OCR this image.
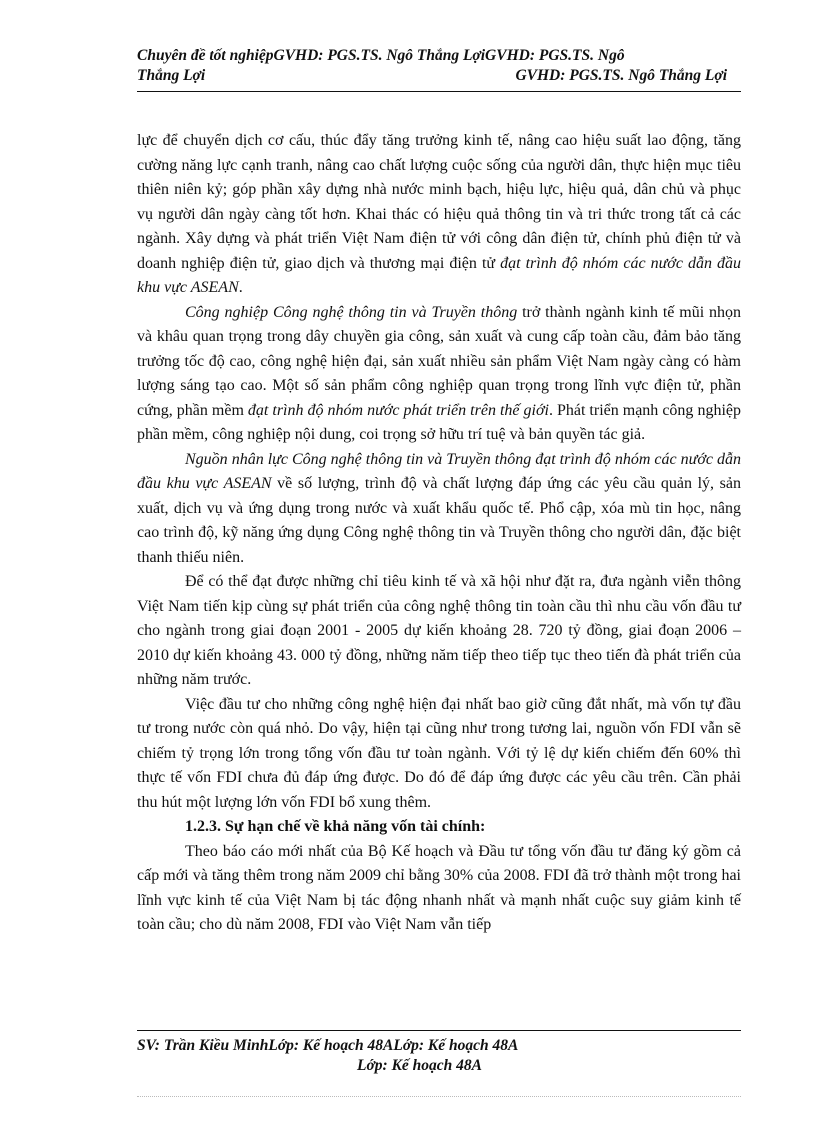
Chuyên đề tốt nghiệpGVHD: PGS.TS. Ngô Thắng LợiGVHD: PGS.TS. Ngô
Thắng Lợi	GVHD: PGS.TS. Ngô Thắng Lợi

lực để chuyển dịch cơ cấu, thúc đẩy tăng trưởng kinh tế, nâng cao hiệu suất lao động, tăng cường năng lực cạnh tranh, nâng cao chất lượng cuộc sống của người dân, thực hiện mục tiêu thiên niên kỷ; góp phần xây dựng nhà nước minh bạch, hiệu lực, hiệu quả, dân chủ và phục vụ người dân ngày càng tốt hơn. Khai thác có hiệu quả thông tin và tri thức trong tất cả các ngành. Xây dựng và phát triển Việt Nam điện tử với công dân điện tử, chính phủ điện tử và doanh nghiệp điện tử, giao dịch và thương mại điện tử đạt trình độ nhóm các nước dẫn đầu khu vực ASEAN.

Công nghiệp Công nghệ thông tin và Truyền thông trở thành ngành kinh tế mũi nhọn và khâu quan trọng trong dây chuyền gia công, sản xuất và cung cấp toàn cầu, đảm bảo tăng trưởng tốc độ cao, công nghệ hiện đại, sản xuất nhiều sản phẩm Việt Nam ngày càng có hàm lượng sáng tạo cao. Một số sản phẩm công nghiệp quan trọng trong lĩnh vực điện tử, phần cứng, phần mềm đạt trình độ nhóm nước phát triển trên thế giới. Phát triển mạnh công nghiệp phần mềm, công nghiệp nội dung, coi trọng sở hữu trí tuệ và bản quyền tác giả.

Nguồn nhân lực Công nghệ thông tin và Truyền thông đạt trình độ nhóm các nước dẫn đầu khu vực ASEAN về số lượng, trình độ và chất lượng đáp ứng các yêu cầu quản lý, sản xuất, dịch vụ và ứng dụng trong nước và xuất khẩu quốc tế. Phổ cập, xóa mù tin học, nâng cao trình độ, kỹ năng ứng dụng Công nghệ thông tin và Truyền thông cho người dân, đặc biệt thanh thiếu niên.

Để có thể đạt được những chỉ tiêu kinh tế và xã hội như đặt ra, đưa ngành viễn thông Việt Nam tiến kịp cùng sự phát triển của công nghệ thông tin toàn cầu thì nhu cầu vốn đầu tư cho ngành trong giai đoạn 2001 - 2005 dự kiến khoảng 28. 720 tỷ đồng, giai đoạn 2006 – 2010 dự kiến khoảng 43. 000 tỷ đồng, những năm tiếp theo tiếp tục theo tiến đà phát triển của những năm trước.

Việc đầu tư cho những công nghệ hiện đại nhất bao giờ cũng đắt nhất, mà vốn tự đầu tư trong nước còn quá nhỏ. Do vậy, hiện tại cũng như trong tương lai, nguồn vốn FDI vẫn sẽ chiếm tỷ trọng lớn trong tổng vốn đầu tư toàn ngành. Với tỷ lệ dự kiến chiếm đến 60% thì thực tế vốn FDI chưa đủ đáp ứng được. Do đó để đáp ứng được các yêu cầu trên. Cần phải thu hút một lượng lớn vốn FDI bổ xung thêm.

1.2.3. Sự hạn chế về khả năng vốn tài chính:

Theo báo cáo mới nhất của Bộ Kế hoạch và Đầu tư tổng vốn đầu tư đăng ký gồm cả cấp mới và tăng thêm trong năm 2009 chỉ bằng 30% của 2008. FDI đã trở thành một trong hai lĩnh vực kinh tế của Việt Nam bị tác động nhanh nhất và mạnh nhất cuộc suy giảm kinh tế toàn cầu; cho dù năm 2008, FDI vào Việt Nam vẫn tiếp

SV: Trần Kiều MinhLớp: Kế hoạch 48ALớp: Kế hoạch 48A
Lớp: Kế hoạch 48A
